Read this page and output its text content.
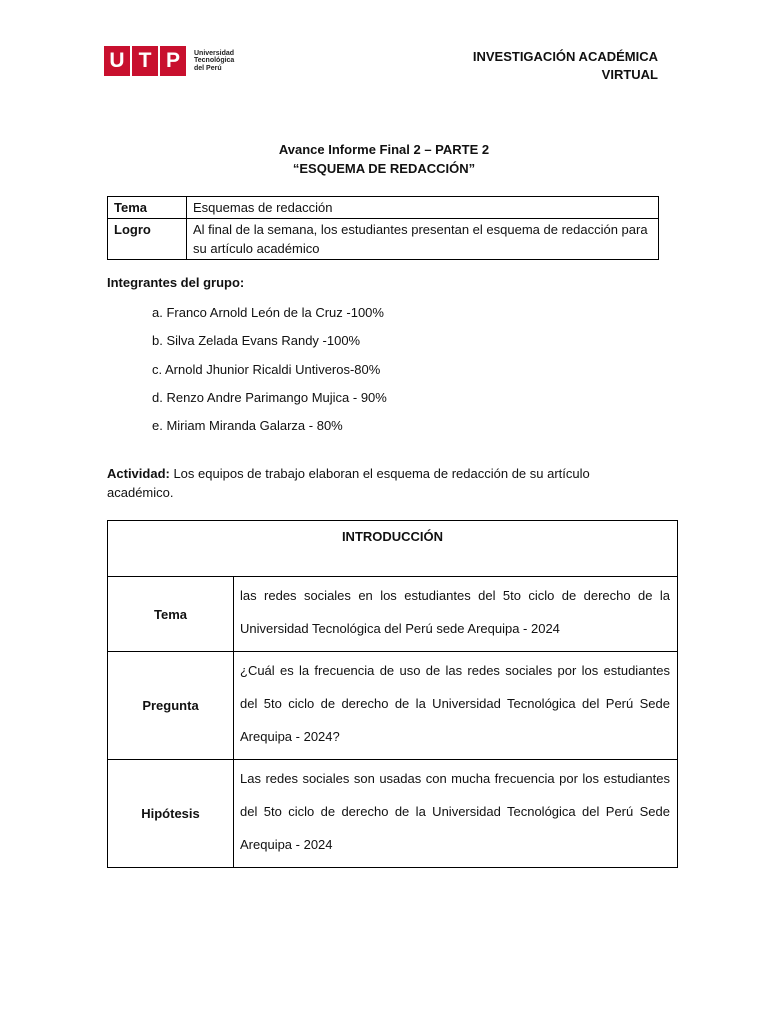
U T P	Universidad
Tecnológica
del Perú
INVESTIGACIÓN ACADÉMICA
VIRTUAL
Avance Informe Final 2 – PARTE 2
“ESQUEMA DE REDACCIÓN”
Tema	Esquemas de redacción
Logro	Al final de la semana, los estudiantes presentan el esquema de redacción para su artículo académico
Integrantes del grupo:
a. Franco Arnold León de la Cruz -100%
b. Silva Zelada Evans Randy -100%
c. Arnold Jhunior Ricaldi Untiveros-80%
d. Renzo Andre Parimango Mujica - 90%
e. Miriam Miranda Galarza - 80%
Actividad: Los equipos de trabajo elaboran el esquema de redacción de su artículo académico.
INTRODUCCIÓN	
Tema	las redes sociales en los estudiantes del 5to ciclo de derecho de la Universidad Tecnológica del Perú sede Arequipa - 2024
Pregunta	¿Cuál es la frecuencia de uso de las redes sociales por los estudiantes del 5to ciclo de derecho de la Universidad Tecnológica del Perú Sede Arequipa - 2024?
Hipótesis	Las redes sociales son usadas con mucha frecuencia por los estudiantes del 5to ciclo de derecho de la Universidad Tecnológica del Perú Sede Arequipa - 2024
